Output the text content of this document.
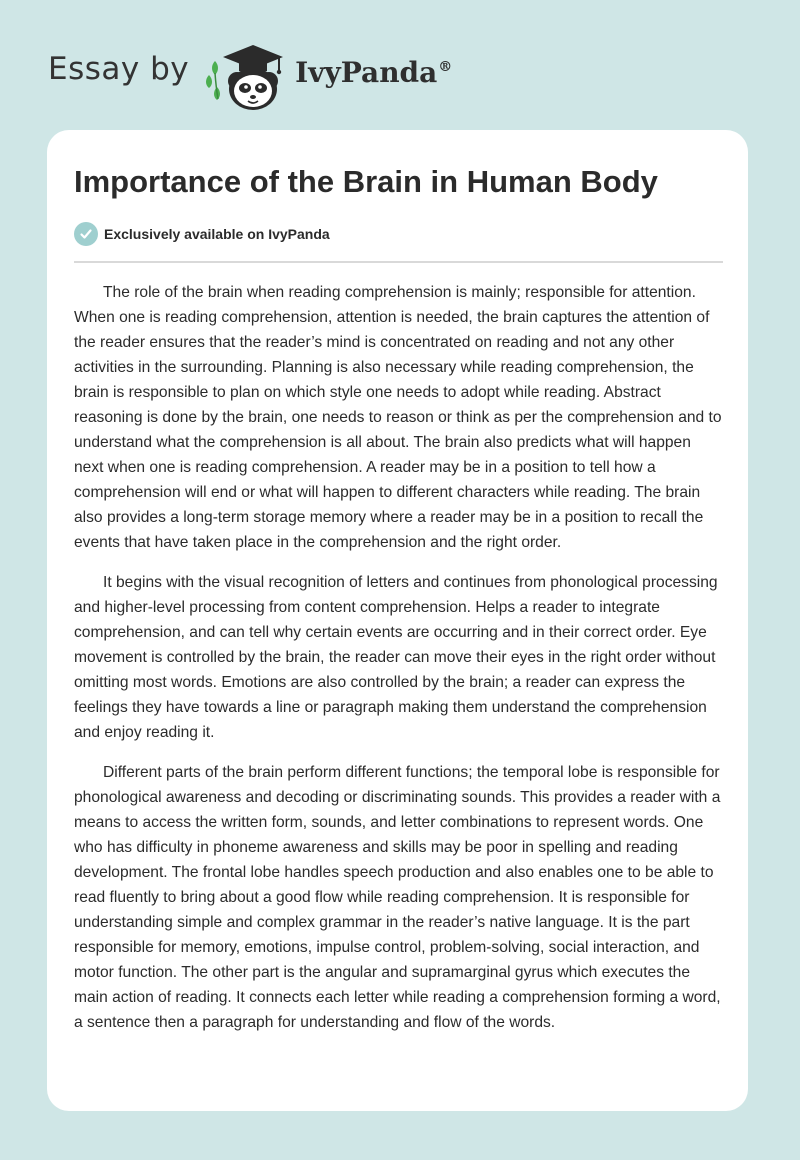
Essay by	IvyPanda®
Importance of the Brain in Human Body
Exclusively available on IvyPanda

The role of the brain when reading comprehension is mainly; responsible for attention. When one is reading comprehension, attention is needed, the brain captures the attention of the reader ensures that the reader’s mind is concentrated on reading and not any other activities in the surrounding. Planning is also necessary while reading comprehension, the brain is responsible to plan on which style one needs to adopt while reading. Abstract reasoning is done by the brain, one needs to reason or think as per the comprehension and to understand what the comprehension is all about. The brain also predicts what will happen next when one is reading comprehension. A reader may be in a position to tell how a comprehension will end or what will happen to different characters while reading. The brain also provides a long-term storage memory where a reader may be in a position to recall the events that have taken place in the comprehension and the right order.

It begins with the visual recognition of letters and continues from phonological processing and higher-level processing from content comprehension. Helps a reader to integrate comprehension, and can tell why certain events are occurring and in their correct order. Eye movement is controlled by the brain, the reader can move their eyes in the right order without omitting most words. Emotions are also controlled by the brain; a reader can express the feelings they have towards a line or paragraph making them understand the comprehension and enjoy reading it.

Different parts of the brain perform different functions; the temporal lobe is responsible for phonological awareness and decoding or discriminating sounds. This provides a reader with a means to access the written form, sounds, and letter combinations to represent words. One who has difficulty in phoneme awareness and skills may be poor in spelling and reading development. The frontal lobe handles speech production and also enables one to be able to read fluently to bring about a good flow while reading comprehension. It is responsible for understanding simple and complex grammar in the reader’s native language. It is the part responsible for memory, emotions, impulse control, problem-solving, social interaction, and motor function. The other part is the angular and supramarginal gyrus which executes the main action of reading. It connects each letter while reading a comprehension forming a word, a sentence then a paragraph for understanding and flow of the words.
